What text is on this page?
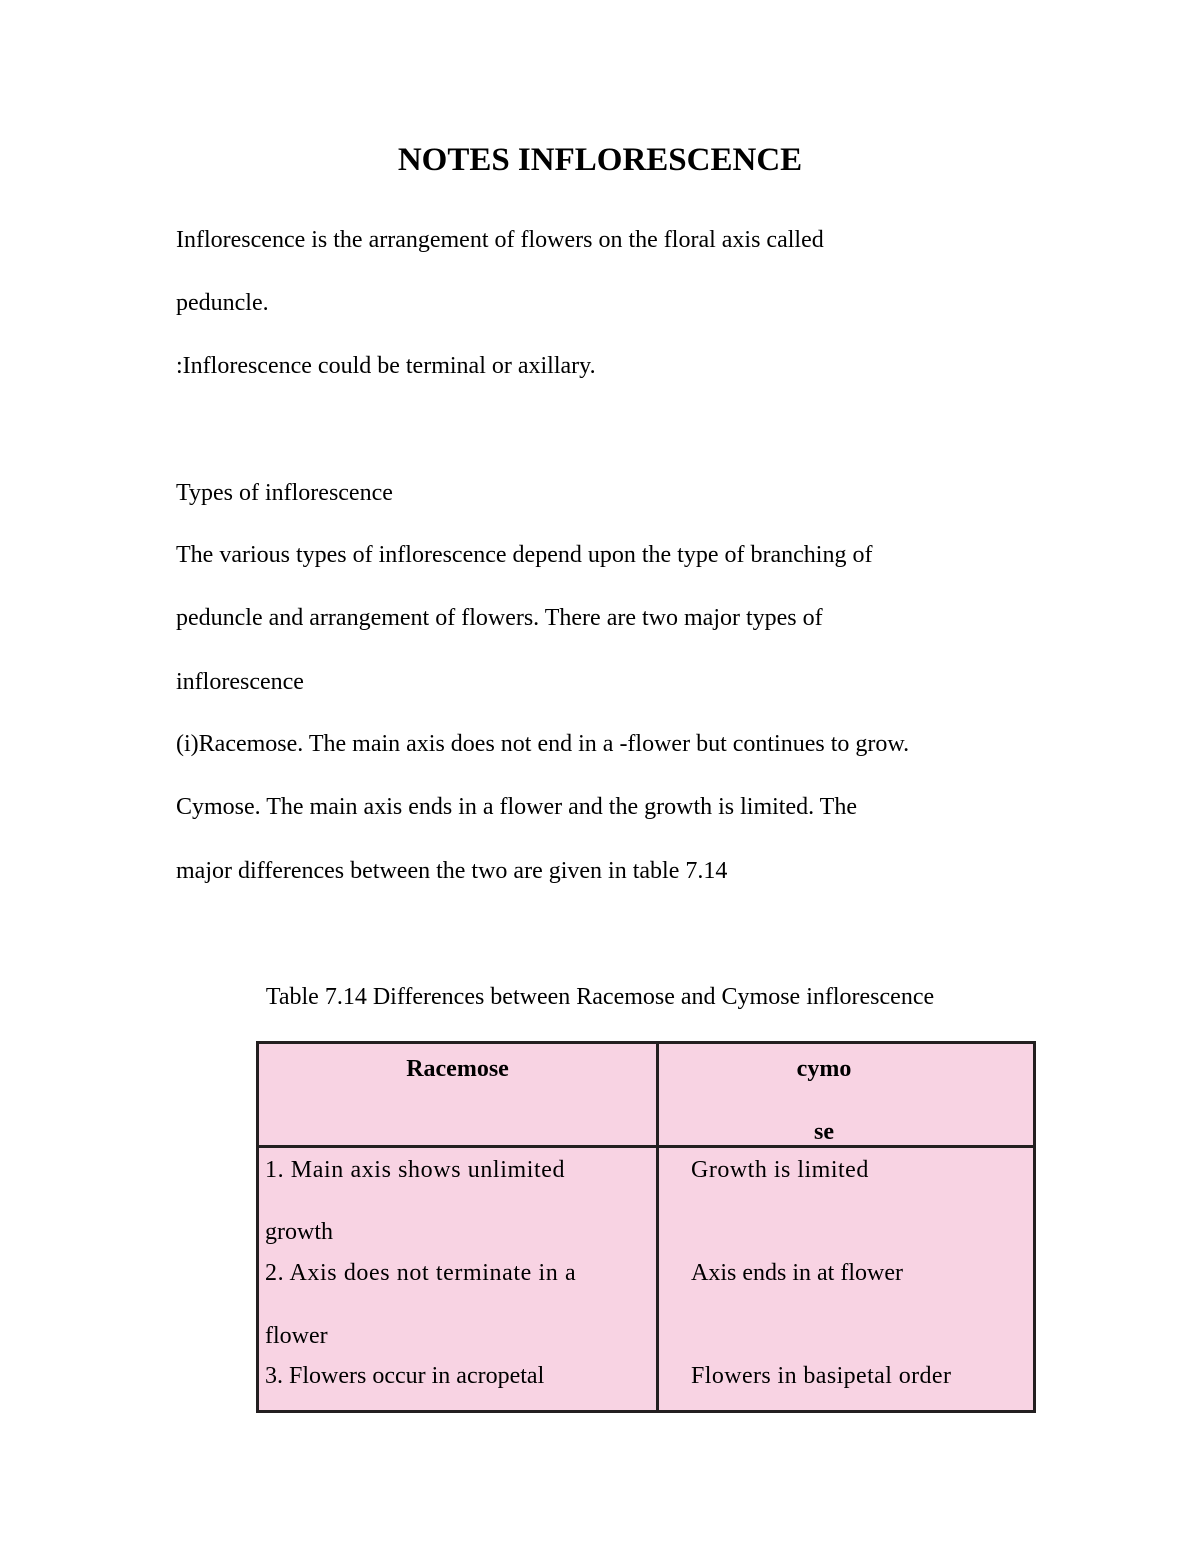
NOTES INFLORESCENCE

Inflorescence is the arrangement of flowers on the floral axis called

peduncle.

:Inflorescence could be terminal or axillary.

Types of inflorescence

The various types of inflorescence depend upon the type of branching of

peduncle and arrangement of flowers. There are two major types of

inflorescence

(i)Racemose. The main axis does not end in a -flower but continues to grow.

Cymose. The main axis ends in a flower and the growth is limited. The

major differences between the two are given in table 7.14

Table 7.14 Differences between Racemose and Cymose inflorescence

Racemose	cymo

se

1. Main axis shows unlimited

growth

2. Axis does not terminate in a

flower

3. Flowers occur in acropetal

Growth is limited

Axis ends in at flower

Flowers in basipetal order
